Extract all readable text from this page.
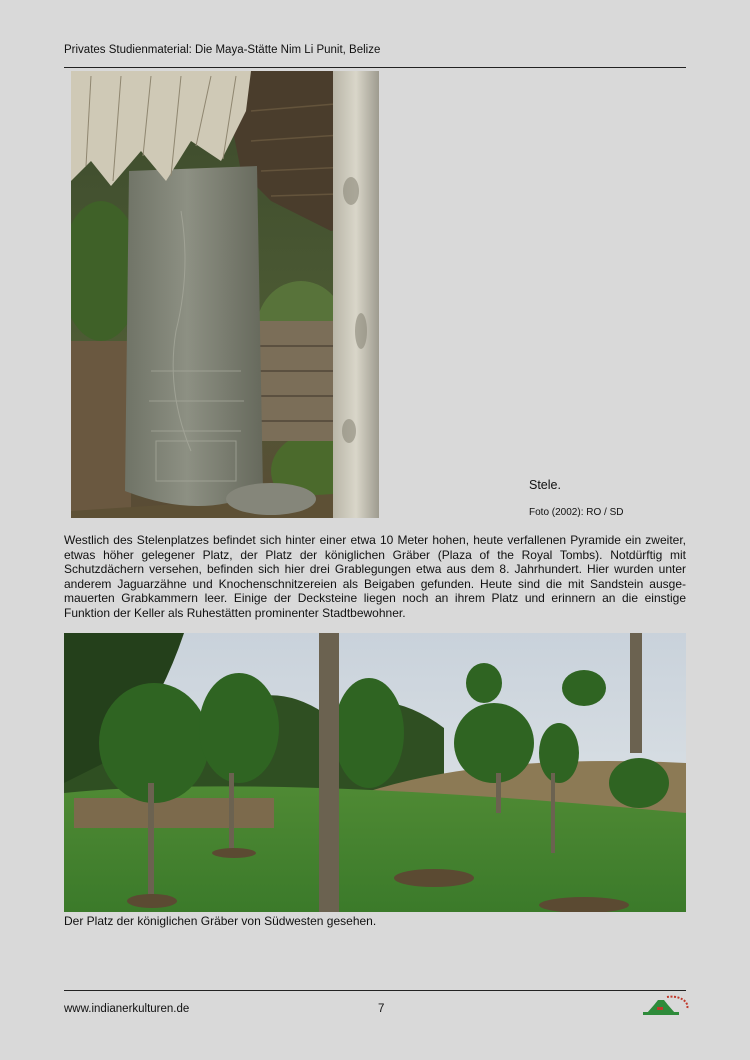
Privates Studienmaterial: Die Maya-Stätte Nim Li Punit, Belize
Stele.
Foto (2002): RO / SD

Westlich des Stelenplatzes befindet sich hinter einer etwa 10 Meter hohen, heute verfallenen Pyramide ein zweiter, etwas höher gelegener Platz, der Platz der königlichen Gräber (Plaza of the Royal Tombs). Notdürftig mit Schutzdächern versehen, befinden sich hier drei Grablegungen etwa aus dem 8. Jahrhundert. Hier wurden unter anderem Jaguarzähne und Knochenschnitzereien als Beigaben gefunden. Heute sind die mit Sandstein ausgemauerten Grabkammern leer. Einige der Decksteine liegen noch an ihrem Platz und erinnern an die einstige Funktion der Keller als Ruhestätten prominenter Stadtbewohner.

Der Platz der königlichen Gräber von Südwesten gesehen.
www.indianerkulturen.de	7
